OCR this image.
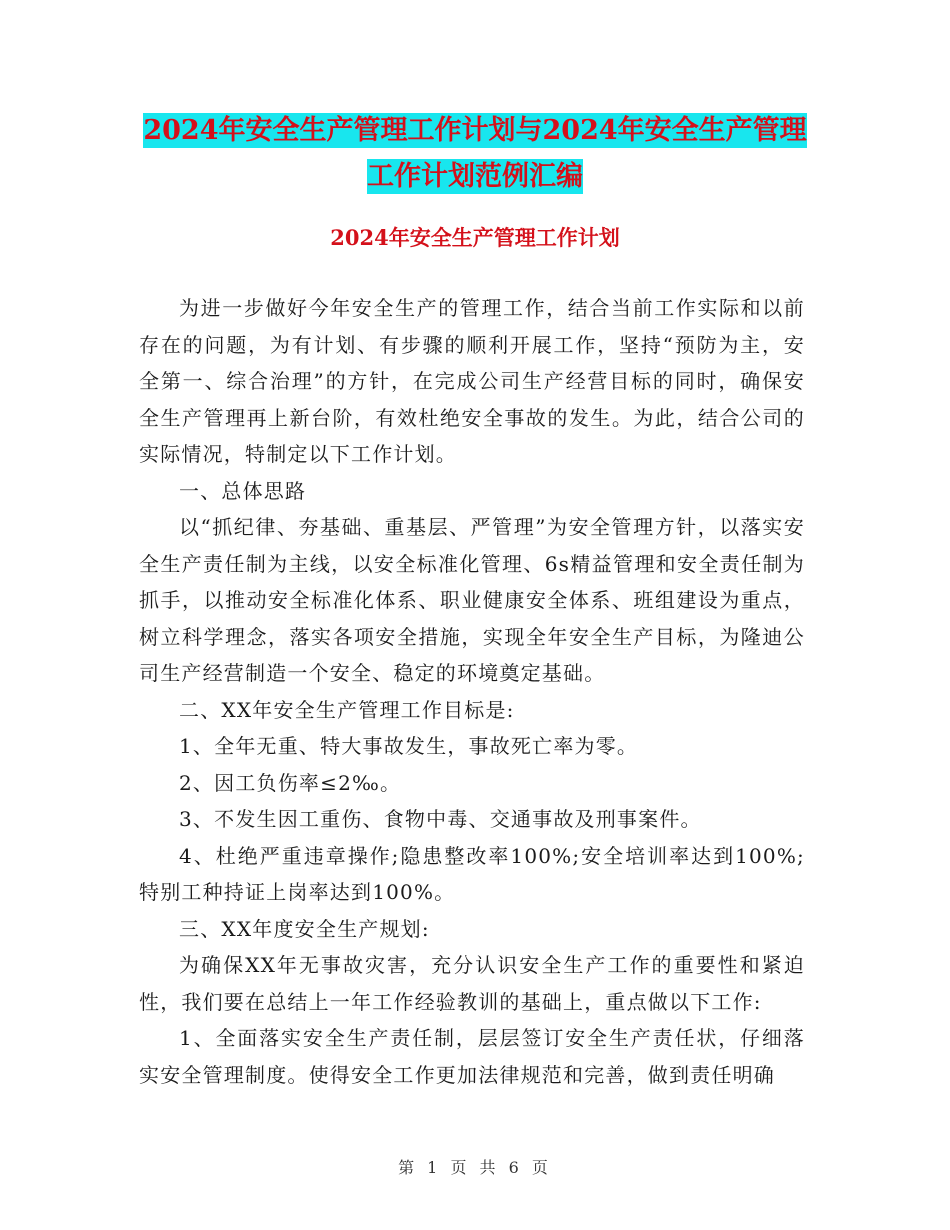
2024年安全生产管理工作计划与2024年安全生产管理
工作计划范例汇编
2024年安全生产管理工作计划

为进一步做好今年安全生产的管理工作，结合当前工作实际和以前存在的问题，为有计划、有步骤的顺利开展工作，坚持“预防为主，安全第一、综合治理”的方针，在完成公司生产经营目标的同时，确保安全生产管理再上新台阶，有效杜绝安全事故的发生。为此，结合公司的实际情况，特制定以下工作计划。

一、总体思路

以“抓纪律、夯基础、重基层、严管理”为安全管理方针，以落实安全生产责任制为主线，以安全标准化管理、6s精益管理和安全责任制为抓手，以推动安全标准化体系、职业健康安全体系、班组建设为重点，树立科学理念，落实各项安全措施，实现全年安全生产目标，为隆迪公司生产经营制造一个安全、稳定的环境奠定基础。

二、XX年安全生产管理工作目标是:

1、全年无重、特大事故发生，事故死亡率为零。

2、因工负伤率≤2‰。

3、不发生因工重伤、食物中毒、交通事故及刑事案件。

4、杜绝严重违章操作;隐患整改率100%;安全培训率达到100%;特别工种持证上岗率达到100%。

三、XX年度安全生产规划:

为确保XX年无事故灾害，充分认识安全生产工作的重要性和紧迫性，我们要在总结上一年工作经验教训的基础上，重点做以下工作:

1、全面落实安全生产责任制，层层签订安全生产责任状，仔细落实安全管理制度。使得安全工作更加法律规范和完善，做到责任明确

第 1 页 共 6 页
